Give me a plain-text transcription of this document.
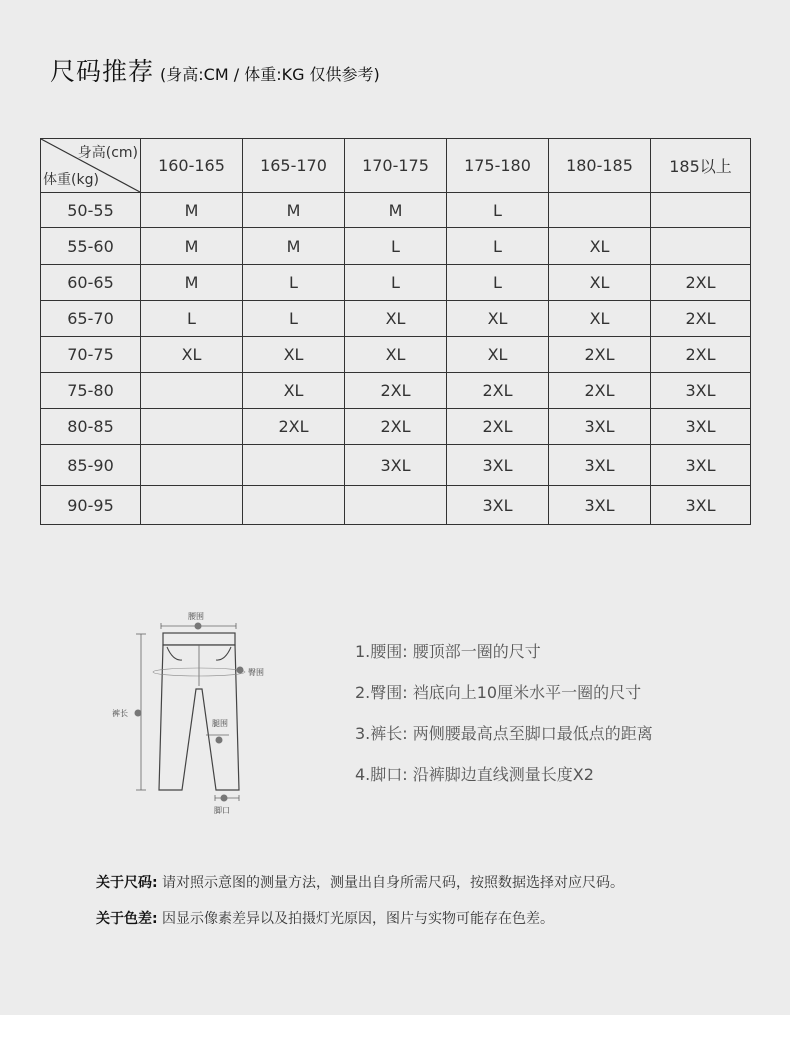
尺码推荐 (身高:CM / 体重:KG 仅供参考)
身高(cm)
体重(kg)	160-165	165-170	170-175	175-180	180-185	185以上
50-55	M	M	M	L		
55-60	M	M	L	L	XL	
60-65	M	L	L	L	XL	2XL
65-70	L	L	XL	XL	XL	2XL
70-75	XL	XL	XL	XL	2XL	2XL
75-80		XL	2XL	2XL	2XL	3XL
80-85		2XL	2XL	2XL	3XL	3XL
85-90			3XL	3XL	3XL	3XL
90-95				3XL	3XL	3XL
腰围
臀围
裤长
腿围
脚口
1.腰围: 腰顶部一圈的尺寸
2.臀围: 裆底向上10厘米水平一圈的尺寸
3.裤长: 两侧腰最高点至脚口最低点的距离
4.脚口: 沿裤脚边直线测量长度X2
关于尺码: 请对照示意图的测量方法，测量出自身所需尺码，按照数据选择对应尺码。
关于色差: 因显示像素差异以及拍摄灯光原因，图片与实物可能存在色差。
